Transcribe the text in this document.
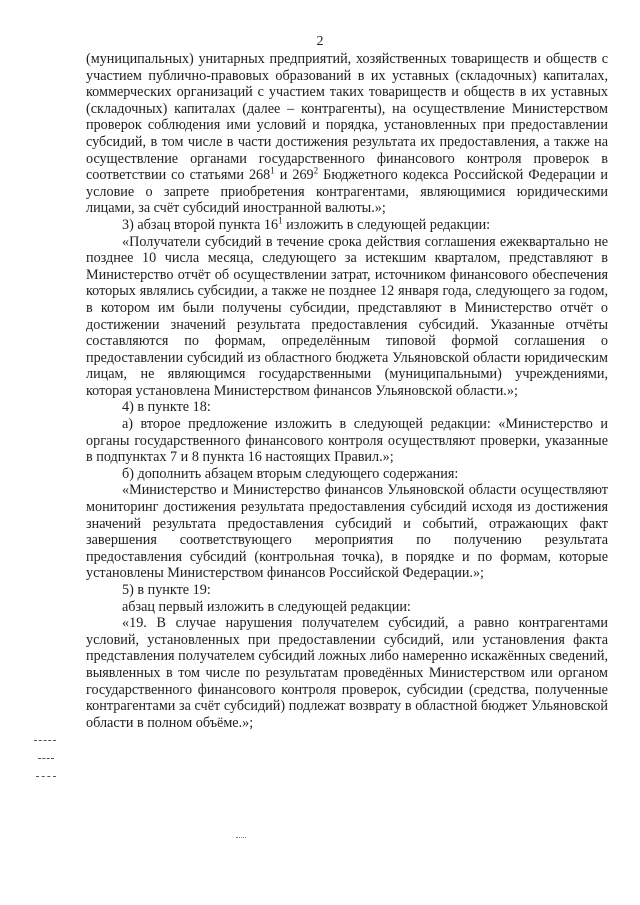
2

(муниципальных) унитарных предприятий, хозяйственных товариществ и обществ с участием публично-правовых образований в их уставных (складочных) капиталах, коммерческих организаций с участием таких товариществ и обществ в их уставных (складочных) капиталах (далее – контрагенты), на осуществление Министерством проверок соблюдения ими условий и порядка, установленных при предоставлении субсидий, в том числе в части достижения результата их предоставления, а также на осуществление органами государственного финансового контроля проверок в соответствии со статьями $268^1$ и $269^2$ Бюджетного кодекса Российской Федерации и условие о запрете приобретения контрагентами, являющимися юридическими лицами, за счёт субсидий иностранной валюты.»;

3) абзац второй пункта $16^1$ изложить в следующей редакции:

«Получатели субсидий в течение срока действия соглашения ежеквартально не позднее 10 числа месяца, следующего за истекшим кварталом, представляют в Министерство отчёт об осуществлении затрат, источником финансового обеспечения которых являлись субсидии, а также не позднее 12 января года, следующего за годом, в котором им были получены субсидии, представляют в Министерство отчёт о достижении значений результата предоставления субсидий. Указанные отчёты составляются по формам, определённым типовой формой соглашения о предоставлении субсидий из областного бюджета Ульяновской области юридическим лицам, не являющимся государственными (муниципальными) учреждениями, которая установлена Министерством финансов Ульяновской области.»;

4) в пункте 18:

а) второе предложение изложить в следующей редакции: «Министерство и органы государственного финансового контроля осуществляют проверки, указанные в подпунктах 7 и 8 пункта 16 настоящих Правил.»;

б) дополнить абзацем вторым следующего содержания:

«Министерство и Министерство финансов Ульяновской области осуществляют мониторинг достижения результата предоставления субсидий исходя из достижения значений результата предоставления субсидий и событий, отражающих факт завершения соответствующего мероприятия по получению результата предоставления субсидий (контрольная точка), в порядке и по формам, которые установлены Министерством финансов Российской Федерации.»;

5) в пункте 19:

абзац первый изложить в следующей редакции:

«19. В случае нарушения получателем субсидий, а равно контрагентами условий, установленных при предоставлении субсидий, или установления факта представления получателем субсидий ложных либо намеренно искажённых сведений, выявленных в том числе по результатам проведённых Министерством или органом государственного финансового контроля проверок, субсидии (средства, полученные контрагентами за счёт субсидий) подлежат возврату в областной бюджет Ульяновской области в полном объёме.»;
